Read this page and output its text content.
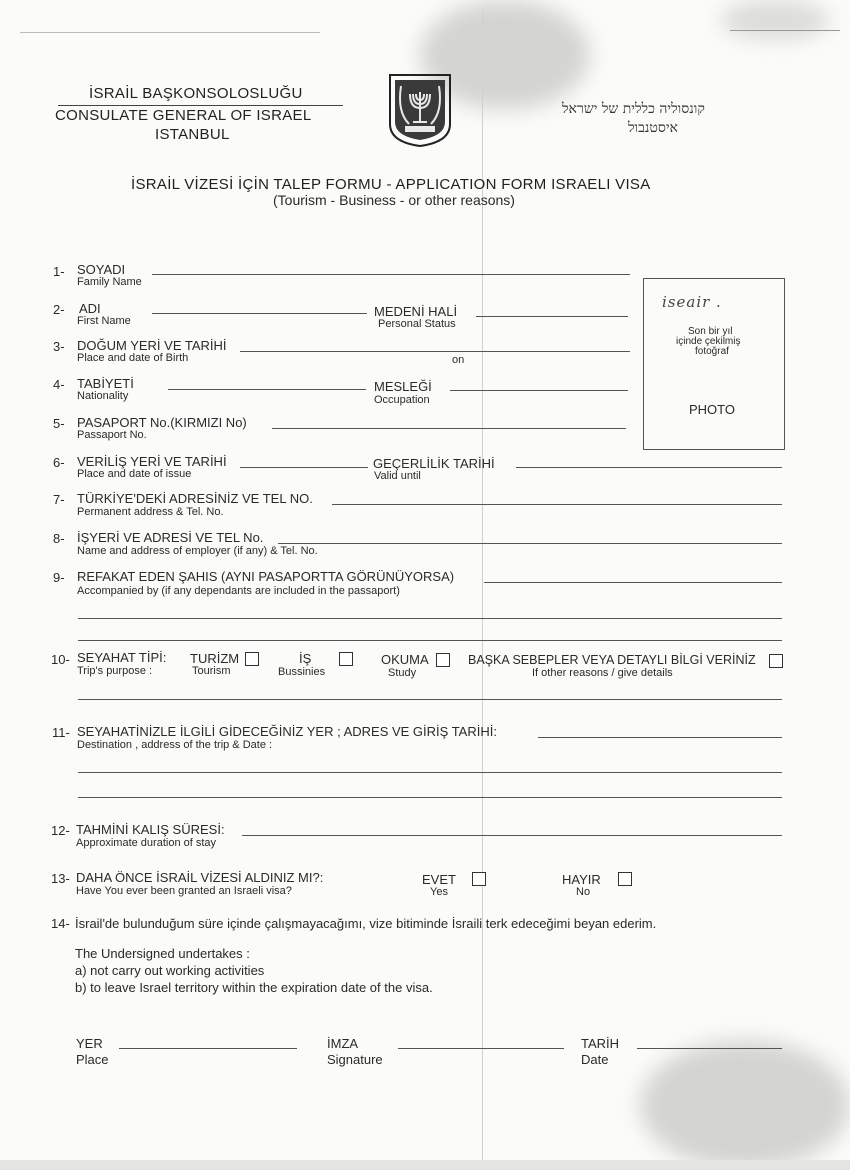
İSRAİL BAŞKONSOLOSLUĞU
CONSULATE GENERAL OF ISRAEL
ISTANBUL
קונסוליה כללית של ישראל
איסטנבול
İSRAİL VİZESİ İÇİN TALEP FORMU - APPLICATION FORM ISRAELI VISA
(Tourism - Business - or other reasons)
iseair .
Son bir yıl
içinde çekilmiş
fotoğraf
PHOTO
1- SOYADI
Family Name
2- ADI
First Name
MEDENİ HALİ
Personal Status
3- DOĞUM YERİ VE TARİHİ
Place and date of Birth	on
4- TABİYETİ
Nationality
MESLEĞİ
Occupation
5- PASAPORT No.(KIRMIZI No)
Passaport No.
6- VERİLİŞ YERİ VE TARİHİ
Place and date of issue
GEÇERLİLİK TARİHİ
Valid until
7- TÜRKİYE'DEKİ ADRESİNİZ VE TEL NO.
Permanent address & Tel. No.
8- İŞYERİ VE ADRESİ VE TEL No.
Name and address of employer (if any) & Tel. No.
9- REFAKAT EDEN ŞAHIS (AYNI PASAPORTTA GÖRÜNÜYORSA)
Accompanied by (if any dependants are included in the passaport)
10- SEYAHAT TİPİ:
Trip's purpose :
TURİZM
Tourism
İŞ
Bussinies
OKUMA
Study
BAŞKA SEBEPLER VEYA DETAYLI BİLGİ VERİNİZ
If other reasons / give details
11- SEYAHATİNİZLE İLGİLİ GİDECEĞİNİZ YER ; ADRES VE GİRİŞ TARİHİ:
Destination , address of the trip & Date :
12- TAHMİNİ KALIŞ SÜRESİ:
Approximate duration of stay
13- DAHA ÖNCE İSRAİL VİZESİ ALDINIZ MI?:
Have You ever been granted an Israeli visa?
EVET
Yes
HAYIR
No
14- İsrail'de bulunduğum süre içinde çalışmayacağımı, vize bitiminde İsraili terk edeceğimi beyan ederim.
The Undersigned undertakes :
a) not carry out working activities
b) to leave Israel territory within the expiration date of the visa.
YER
Place
İMZA
Signature
TARİH
Date
